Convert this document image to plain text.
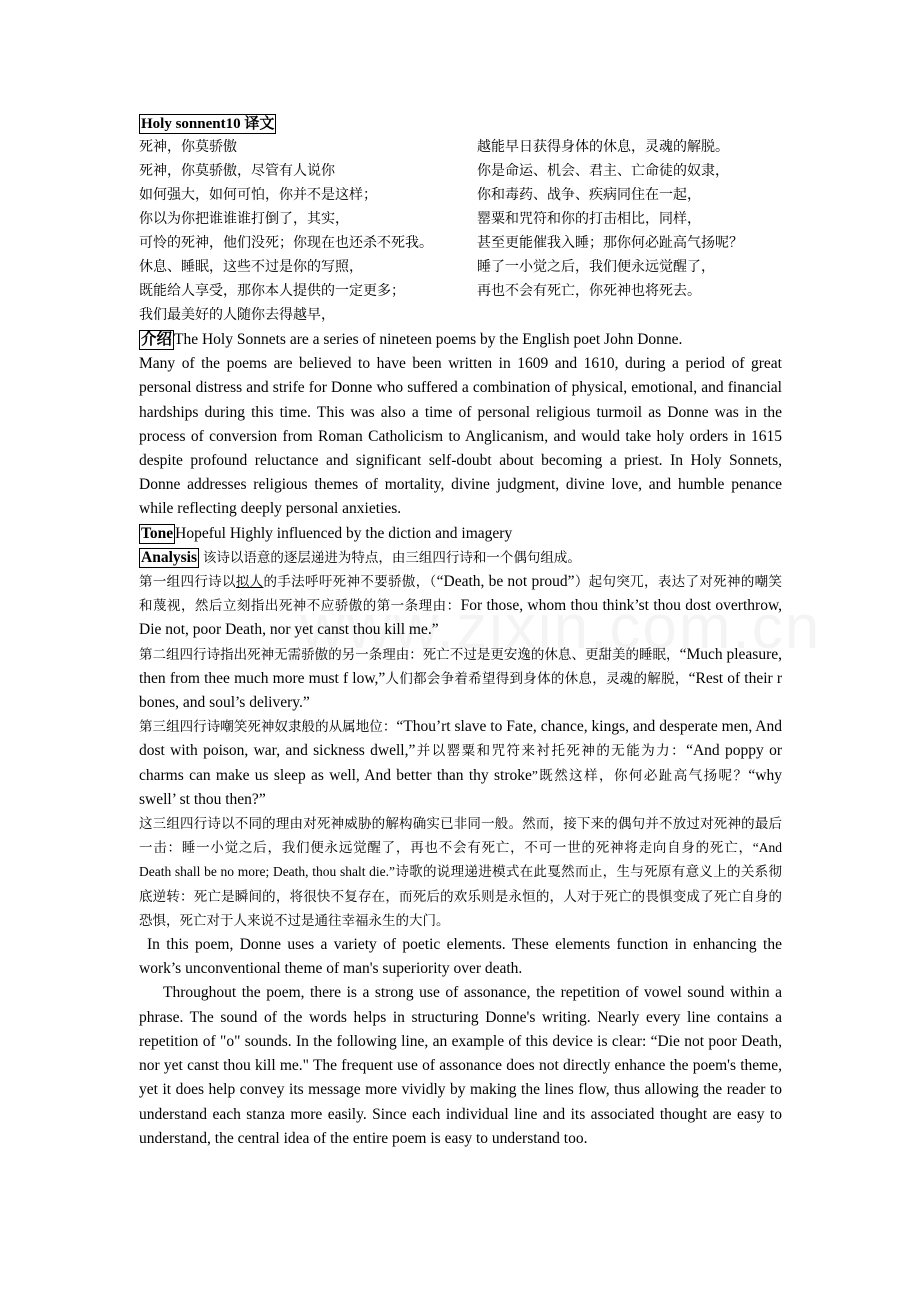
Holy sonnent10 译文
死神，你莫骄傲
死神，你莫骄傲，尽管有人说你
如何强大，如何可怕，你并不是这样；
你以为你把谁谁谁打倒了，其实，
可怜的死神，他们没死；你现在也还杀不死我。
休息、睡眠，这些不过是你的写照，
既能给人享受，那你本人提供的一定更多；
我们最美好的人随你去得越早，
越能早日获得身体的休息，灵魂的解脱。
你是命运、机会、君主、亡命徒的奴隶，
你和毒药、战争、疾病同住在一起，
罂粟和咒符和你的打击相比，同样，
甚至更能催我入睡；那你何必趾高气扬呢？
睡了一小觉之后，我们便永远觉醒了，
再也不会有死亡，你死神也将死去。

介绍 The Holy Sonnets are a series of nineteen poems by the English poet John Donne.

Many of the poems are believed to have been written in 1609 and 1610, during a period of great personal distress and strife for Donne who suffered a combination of physical, emotional, and financial hardships during this time. This was also a time of personal religious turmoil as Donne was in the process of conversion from Roman Catholicism to Anglicanism, and would take holy orders in 1615 despite profound reluctance and significant self-doubt about becoming a priest. In Holy Sonnets, Donne addresses religious themes of mortality, divine judgment, divine love, and humble penance while reflecting deeply personal anxieties.

Tone Hopeful Highly influenced by the diction and imagery

Analysis 该诗以语意的逐层递进为特点，由三组四行诗和一个偶句组成。

第一组四行诗以拟人的手法呼吁死神不要骄傲，（“Death, be not proud”）起句突兀，表达了对死神的嘲笑和蔑视，然后立刻指出死神不应骄傲的第一条理由：For those, whom thou think’st thou dost overthrow, Die not, poor Death, nor yet canst thou kill me.”

第二组四行诗指出死神无需骄傲的另一条理由：死亡不过是更安逸的休息、更甜美的睡眠，“Much pleasure, then from thee much more must f low,”人们都会争着希望得到身体的休息，灵魂的解脱，“Rest of their r bones, and soul’s delivery.”

第三组四行诗嘲笑死神奴隶般的从属地位：“Thou’rt slave to Fate, chance, kings, and desperate men, And dost with poison, war, and sickness dwell,”并以罂粟和咒符来衬托死神的无能为力：“And poppy or charms can make us sleep as well, And better than thy stroke”既然这样，你何必趾高气扬呢？“why swell’ st thou then?”

这三组四行诗以不同的理由对死神威胁的解构确实已非同一般。然而，接下来的偶句并不放过对死神的最后一击：睡一小觉之后，我们便永远觉醒了，再也不会有死亡，不可一世的死神将走向自身的死亡，“And Death shall be no more; Death, thou shalt die.”诗歌的说理递进模式在此戛然而止，生与死原有意义上的关系彻底逆转：死亡是瞬间的，将很快不复存在，而死后的欢乐则是永恒的，人对于死亡的畏惧变成了死亡自身的恐惧，死亡对于人来说不过是通往幸福永生的大门。

In this poem, Donne uses a variety of poetic elements. These elements function in enhancing the work’s unconventional theme of man's superiority over death.

Throughout the poem, there is a strong use of assonance, the repetition of vowel sound within a phrase. The sound of the words helps in structuring Donne's writing. Nearly every line contains a repetition of "o" sounds. In the following line, an example of this device is clear: “Die not poor Death, nor yet canst thou kill me." The frequent use of assonance does not directly enhance the poem's theme, yet it does help convey its message more vividly by making the lines flow, thus allowing the reader to understand each stanza more easily. Since each individual line and its associated thought are easy to understand, the central idea of the entire poem is easy to understand too.
